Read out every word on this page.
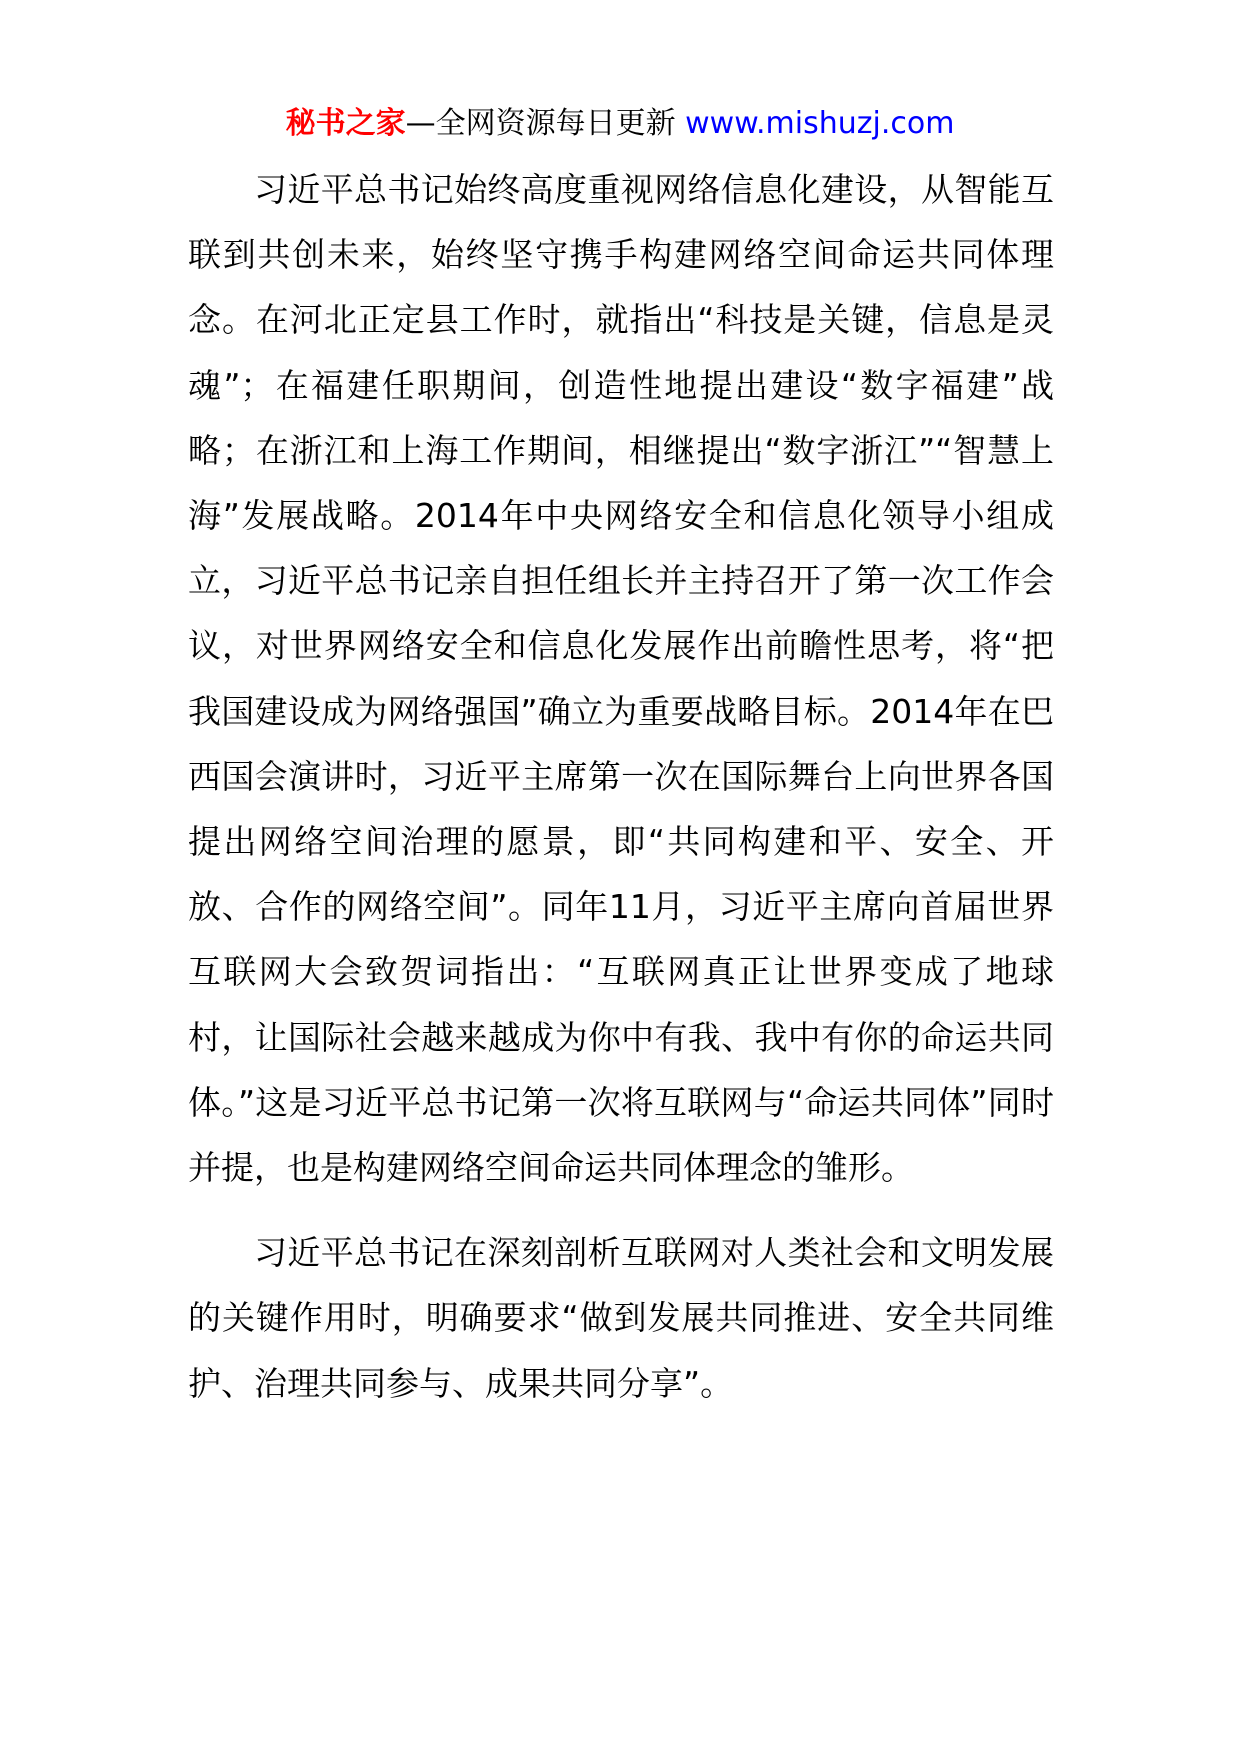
秘书之家—全网资源每日更新 www.mishuzj.com

习近平总书记始终高度重视网络信息化建设，从智能互联到共创未来，始终坚守携手构建网络空间命运共同体理念。在河北正定县工作时，就指出“科技是关键，信息是灵魂”；在福建任职期间，创造性地提出建设“数字福建”战略；在浙江和上海工作期间，相继提出“数字浙江”“智慧上海”发展战略。2014年中央网络安全和信息化领导小组成立，习近平总书记亲自担任组长并主持召开了第一次工作会议，对世界网络安全和信息化发展作出前瞻性思考，将“把我国建设成为网络强国”确立为重要战略目标。2014年在巴西国会演讲时，习近平主席第一次在国际舞台上向世界各国提出网络空间治理的愿景，即“共同构建和平、安全、开放、合作的网络空间”。同年11月，习近平主席向首届世界互联网大会致贺词指出：“互联网真正让世界变成了地球村，让国际社会越来越成为你中有我、我中有你的命运共同体。”这是习近平总书记第一次将互联网与“命运共同体”同时并提，也是构建网络空间命运共同体理念的雏形。

习近平总书记在深刻剖析互联网对人类社会和文明发展的关键作用时，明确要求“做到发展共同推进、安全共同维护、治理共同参与、成果共同分享”。
